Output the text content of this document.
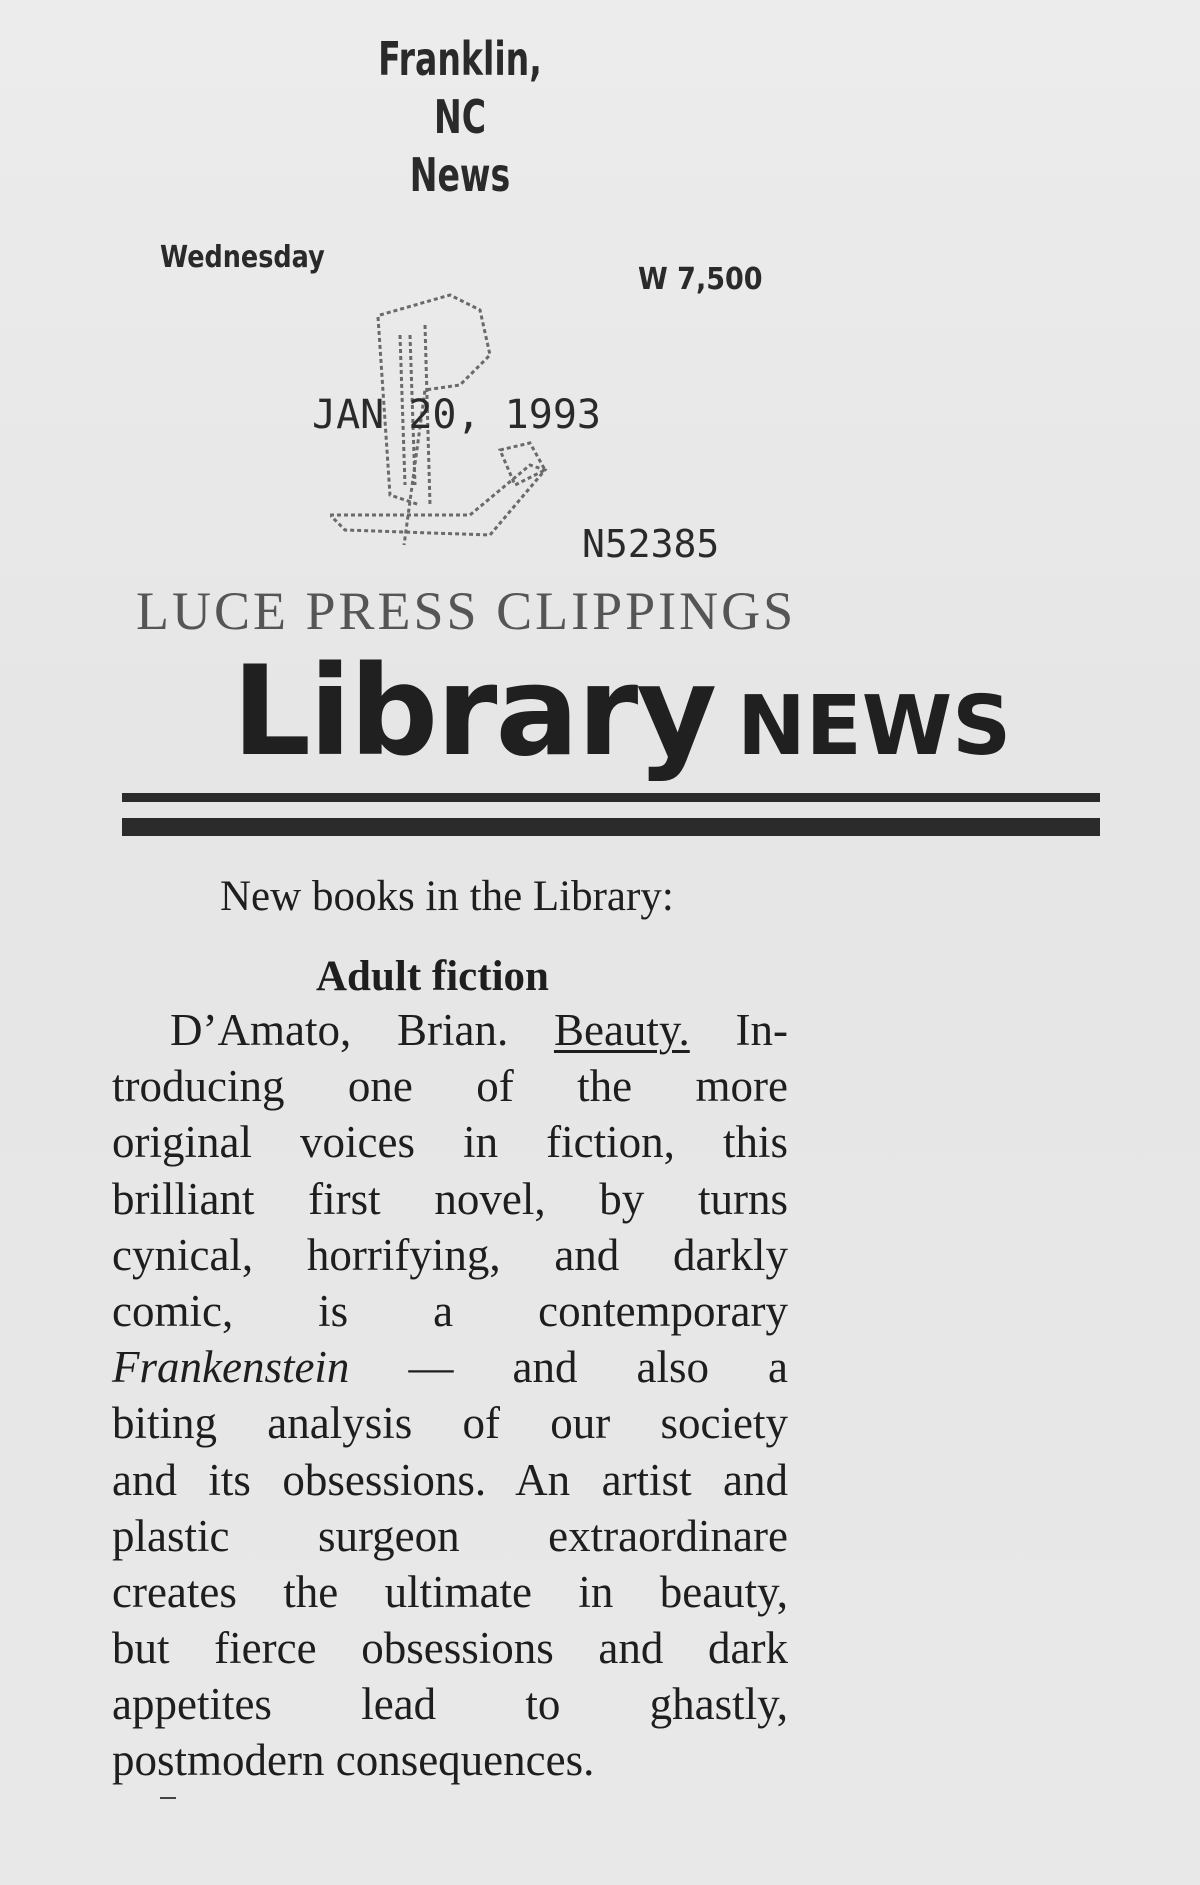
Franklin, NC
News
Wednesday
W 7,500
JAN 20, 1993
N52385
LUCE PRESS CLIPPINGS
Library NEWS
New books in the Library:
Adult fiction
D’Amato, Brian. Beauty. In-
troducing one of the more
original voices in fiction, this
brilliant first novel, by turns
cynical, horrifying, and darkly
comic, is a contemporary
Frankenstein — and also a
biting analysis of our society
and its obsessions. An artist and
plastic surgeon extraordinare
creates the ultimate in beauty,
but fierce obsessions and dark
appetites lead to ghastly,
postmodern consequences.
